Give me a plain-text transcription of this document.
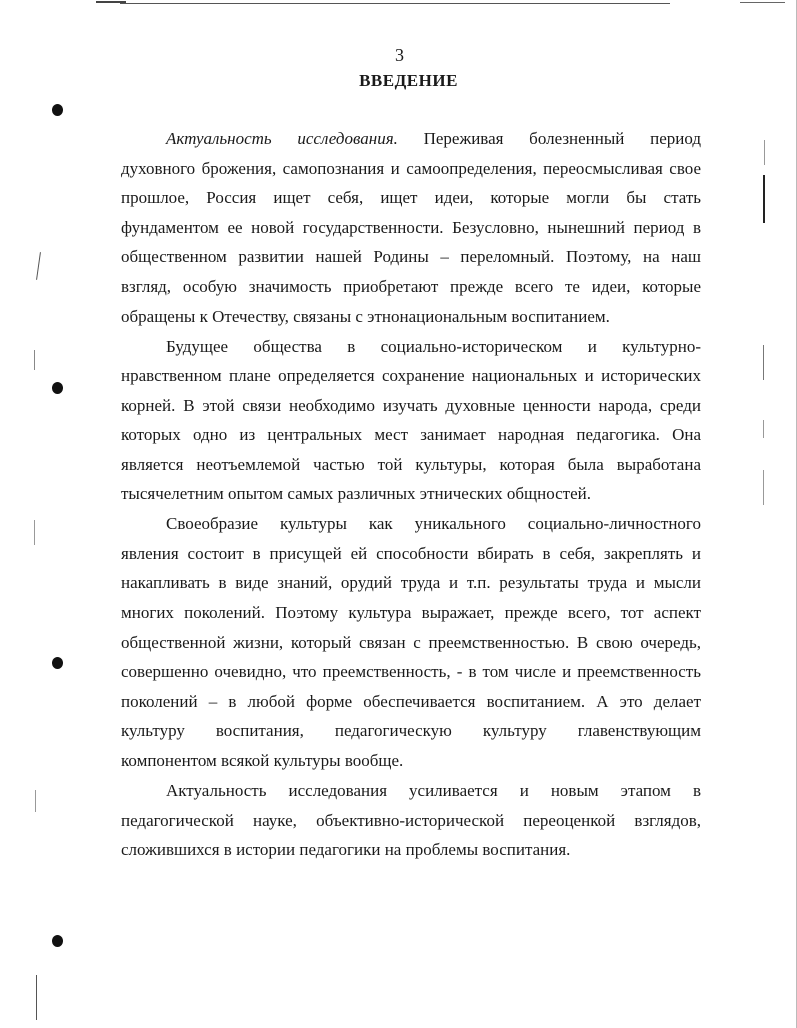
3
ВВЕДЕНИЕ
Актуальность исследования. Переживая болезненный период
духовного брожения, самопознания и самоопределения, переосмысливая свое
прошлое, Россия ищет себя, ищет идеи, которые могли бы стать
фундаментом ее новой государственности. Безусловно, нынешний период в
общественном развитии нашей Родины – переломный. Поэтому, на наш
взгляд, особую значимость приобретают прежде всего те идеи, которые
обращены к Отечеству, связаны с этнонациональным воспитанием.
Будущее общества в социально-историческом и культурно-
нравственном плане определяется сохранение национальных и исторических
корней. В этой связи необходимо изучать духовные ценности народа, среди
которых одно из центральных мест занимает народная педагогика. Она
является неотъемлемой частью той культуры, которая была выработана
тысячелетним опытом самых различных этнических общностей.
Своеобразие культуры как уникального социально-личностного
явления состоит в присущей ей способности вбирать в себя, закреплять и
накапливать в виде знаний, орудий труда и т.п. результаты труда и мысли
многих поколений. Поэтому культура выражает, прежде всего, тот аспект
общественной жизни, который связан с преемственностью. В свою очередь,
совершенно очевидно, что преемственность, - в том числе и преемственность
поколений – в любой форме обеспечивается воспитанием. А это делает
культуру воспитания, педагогическую культуру главенствующим
компонентом всякой культуры вообще.
Актуальность исследования усиливается и новым этапом в
педагогической науке, объективно-исторической переоценкой взглядов,
сложившихся в истории педагогики на проблемы воспитания.
